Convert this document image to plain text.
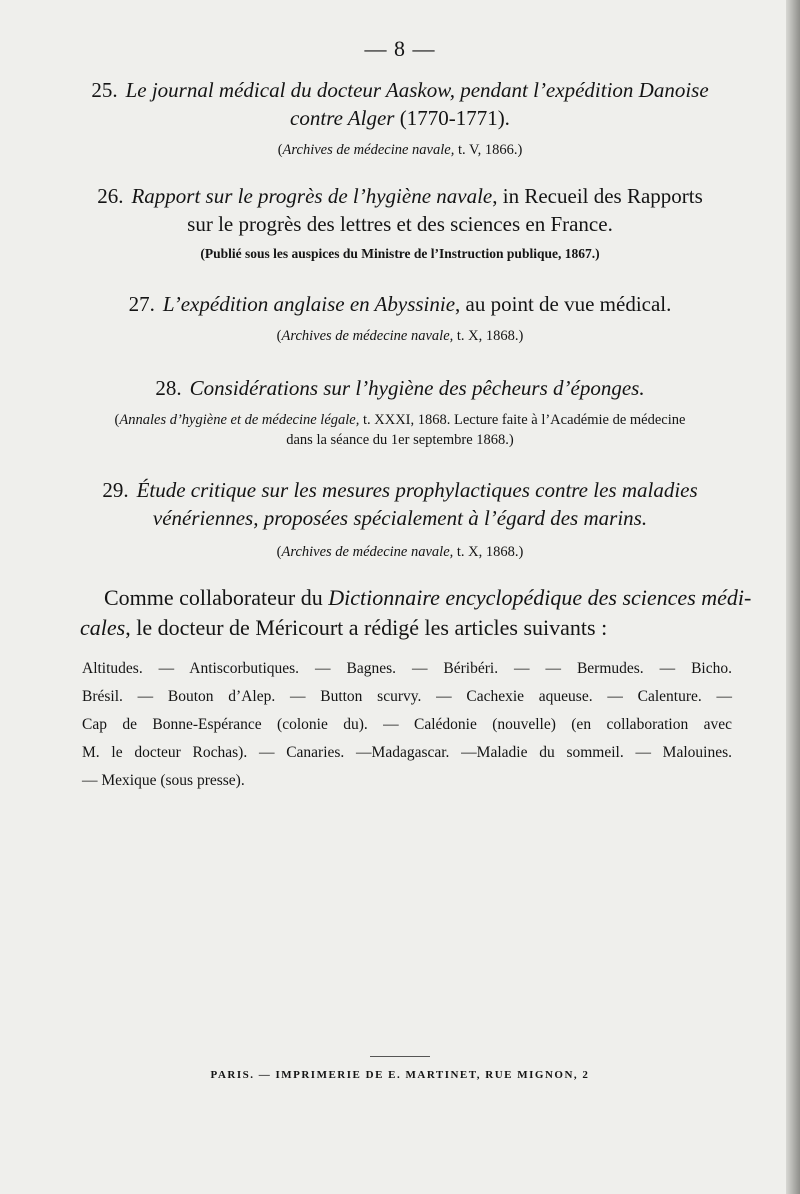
— 8 —
25. Le journal médical du docteur Aaskow, pendant l’expédition Danoise
contre Alger (1770-1771).
(Archives de médecine navale, t. V, 1866.)
26. Rapport sur le progrès de l’hygiène navale, in Recueil des Rapports
sur le progrès des lettres et des sciences en France.
(Publié sous les auspices du Ministre de l’Instruction publique, 1867.)
27. L’expédition anglaise en Abyssinie, au point de vue médical.
(Archives de médecine navale, t. X, 1868.)
28. Considérations sur l’hygiène des pêcheurs d’éponges.
(Annales d’hygiène et de médecine légale, t. XXXI, 1868. Lecture faite à l’Académie de médecine
dans la séance du 1er septembre 1868.)
29. Étude critique sur les mesures prophylactiques contre les maladies
vénériennes, proposées spécialement à l’égard des marins.
(Archives de médecine navale, t. X, 1868.)
Comme collaborateur du Dictionnaire encyclopédique des sciences médi-
cales, le docteur de Méricourt a rédigé les articles suivants :
Altitudes. — Antiscorbutiques. — Bagnes. — Béribéri. — — Bermudes. — Bicho.
Brésil. — Bouton d’Alep. — Button scurvy. — Cachexie aqueuse. — Calenture. —
Cap de Bonne-Espérance (colonie du). — Calédonie (nouvelle) (en collaboration avec
M. le docteur Rochas). — Canaries. —Madagascar. —Maladie du sommeil. — Malouines.
— Mexique (sous presse).
PARIS. — IMPRIMERIE DE E. MARTINET, RUE MIGNON, 2
